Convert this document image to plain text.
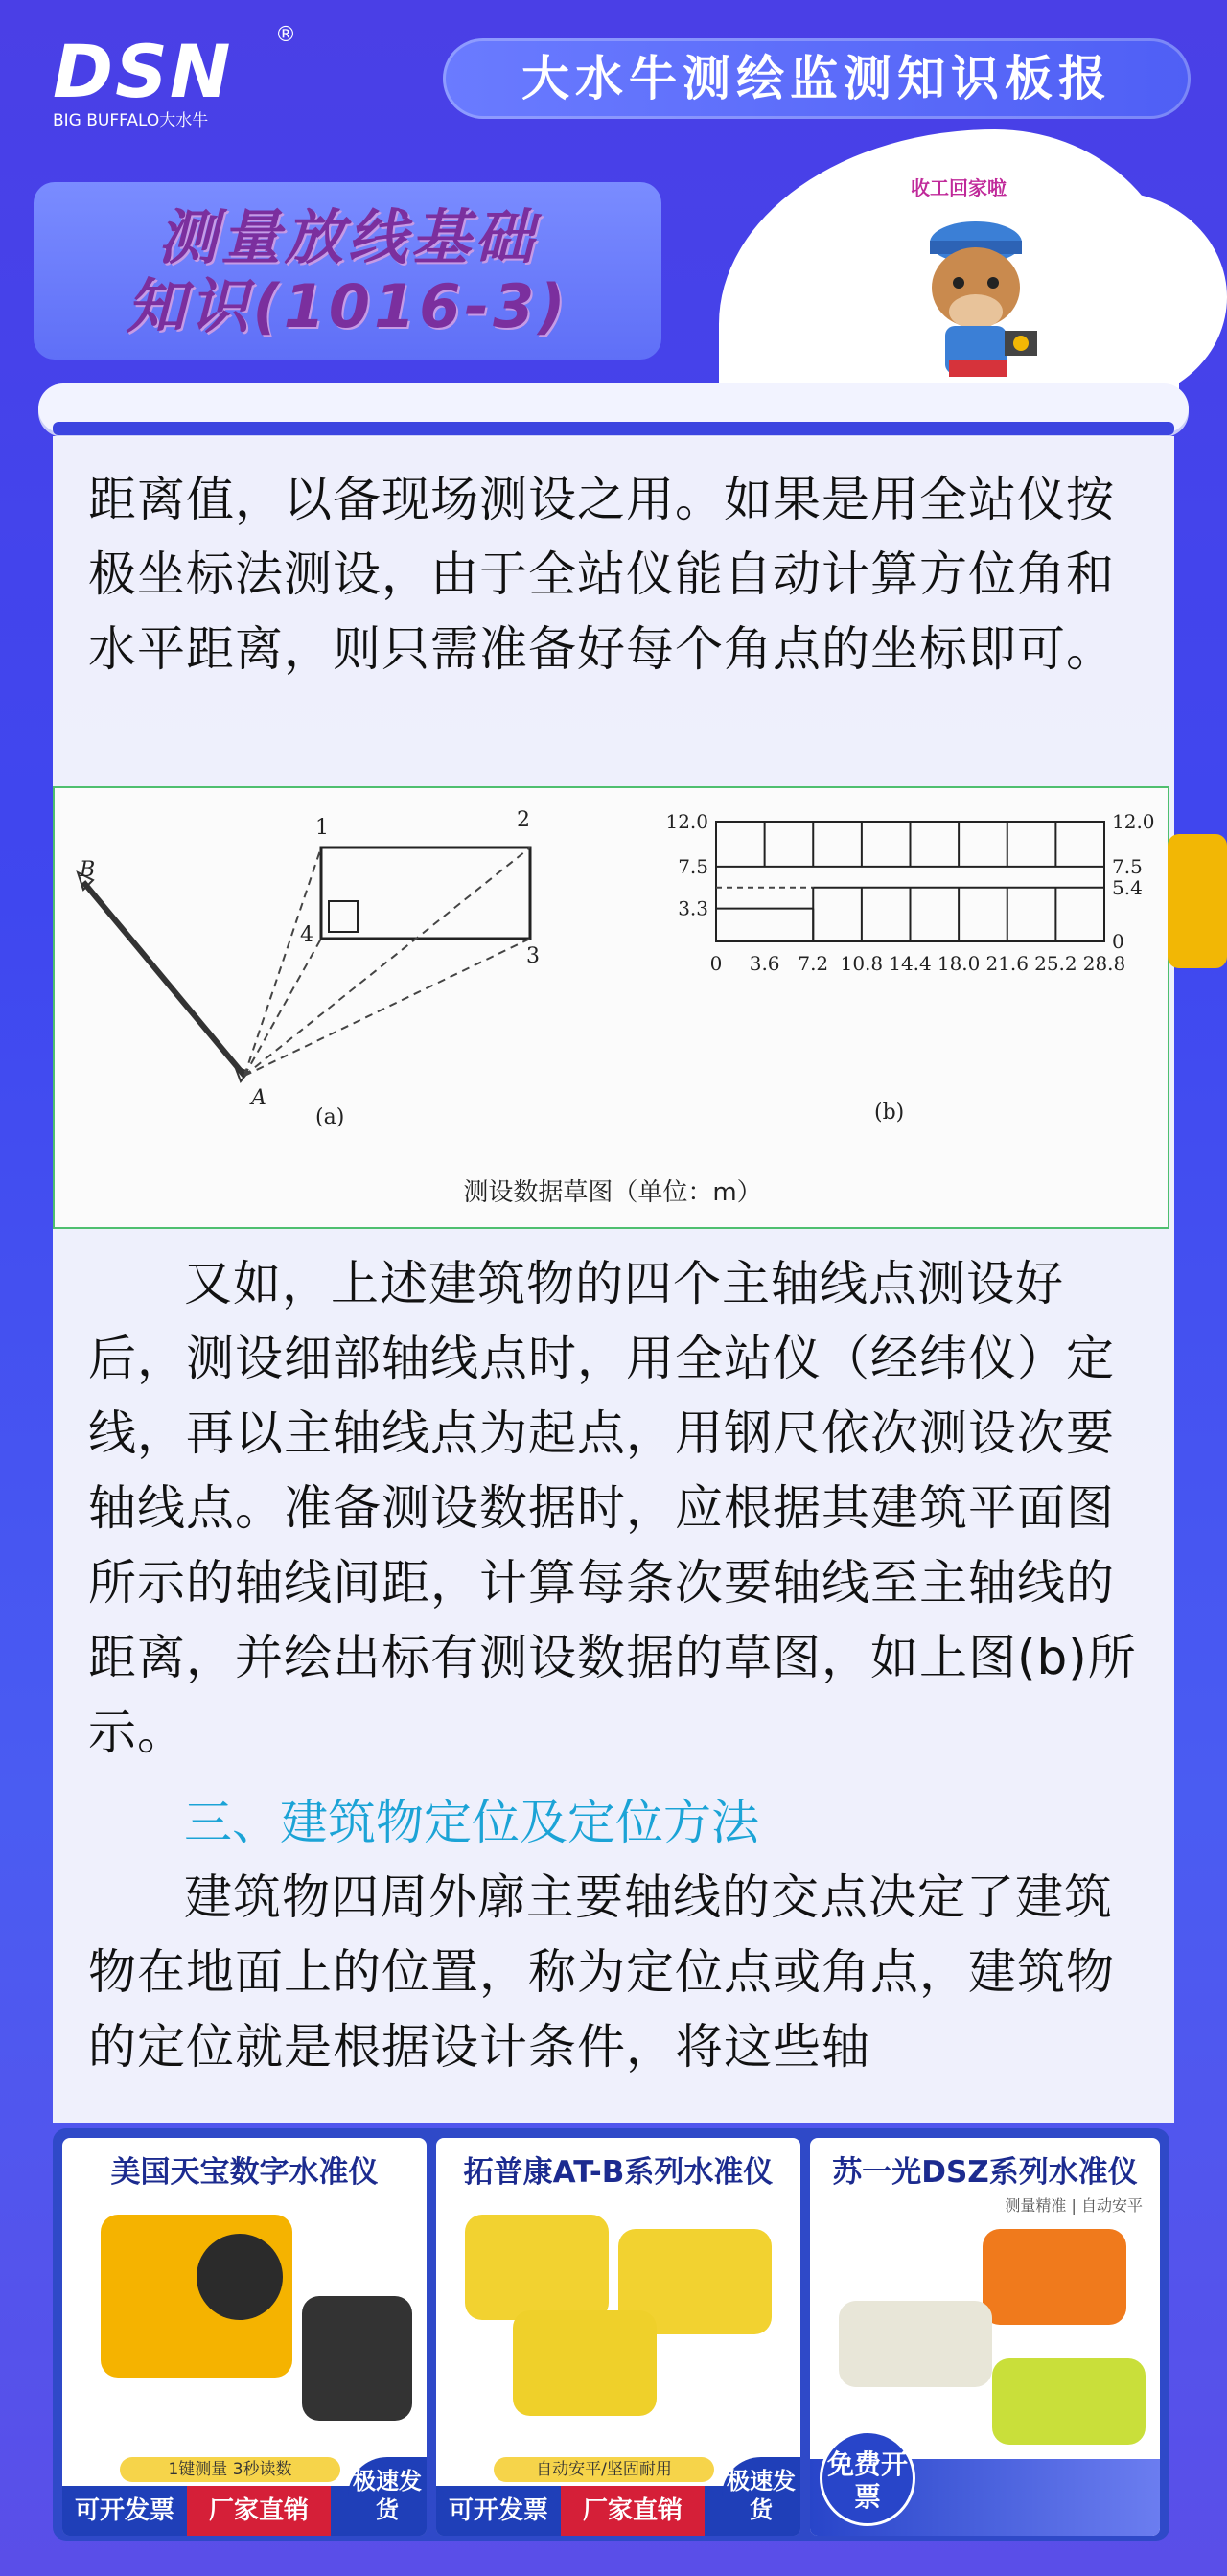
DSN	®
BIG BUFFALO大水牛
大水牛测绘监测知识板报
测量放线基础
知识(1016-3)
收工回家啦

距离值，以备现场测设之用。如果是用全站仪按极坐标法测设，由于全站仪能自动计算方位角和水平距离，则只需准备好每个角点的坐标即可。

B
A
1	2
3
4
(a)
0 3.6 7.2 10.8 14.4 18.0 21.6 25.2 28.8
12.0
7.5
3.3
12.0
7.5
5.4
0
(b)
测设数据草图（单位：m）

又如，上述建筑物的四个主轴线点测设好后，测设细部轴线点时，用全站仪（经纬仪）定线，再以主轴线点为起点，用钢尺依次测设次要轴线点。准备测设数据时，应根据其建筑平面图所示的轴线间距，计算每条次要轴线至主轴线的距离，并绘出标有测设数据的草图，如上图(b)所示。

三、建筑物定位及定位方法

建筑物四周外廓主要轴线的交点决定了建筑物在地面上的位置，称为定位点或角点，建筑物的定位就是根据设计条件，将这些轴

美国天宝数字水准仪
1键测量 3秒读数
可开发票	厂家直销
极速发货
拓普康AT-B系列水准仪
自动安平/坚固耐用
可开发票	厂家直销
极速发货
苏一光DSZ系列水准仪
测量精准 | 自动安平
免费开票
